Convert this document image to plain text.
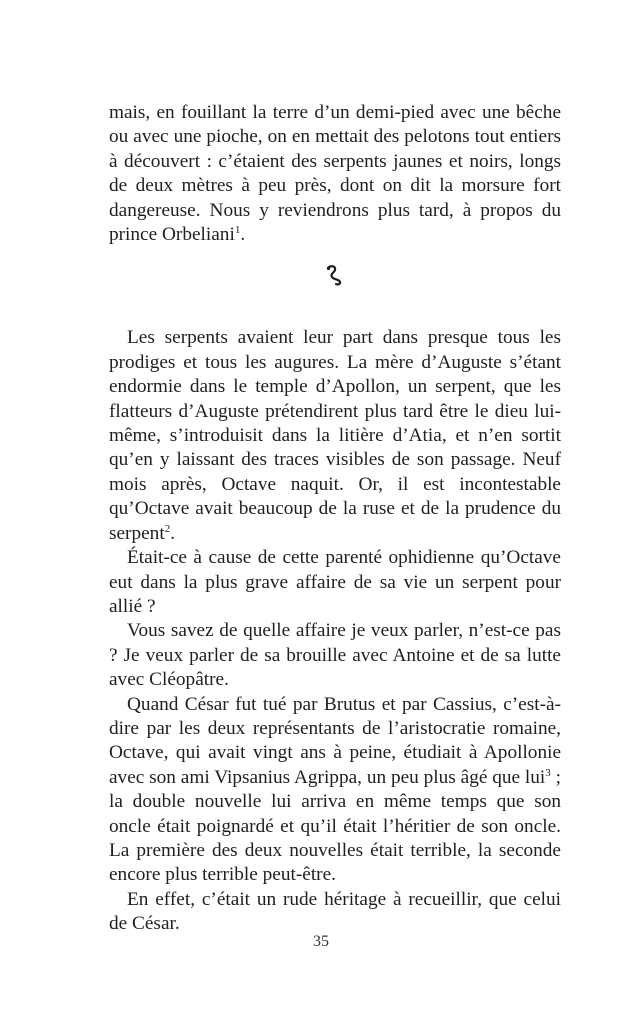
mais, en fouillant la terre d’un demi-pied avec une bêche ou avec une pioche, on en mettait des pelotons tout entiers à découvert : c’étaient des serpents jaunes et noirs, longs de deux mètres à peu près, dont on dit la morsure fort dangereuse. Nous y reviendrons plus tard, à propos du prince Orbeliani$^1$.

Les serpents avaient leur part dans presque tous les prodiges et tous les augures. La mère d’Auguste s’étant endormie dans le temple d’Apollon, un serpent, que les flatteurs d’Auguste prétendirent plus tard être le dieu lui-même, s’introduisit dans la litière d’Atia, et n’en sortit qu’en y laissant des traces visibles de son passage. Neuf mois après, Octave naquit. Or, il est incontestable qu’Octave avait beaucoup de la ruse et de la prudence du serpent$^2$.

Était-ce à cause de cette parenté ophidienne qu’Octave eut dans la plus grave affaire de sa vie un serpent pour allié ?

Vous savez de quelle affaire je veux parler, n’est-ce pas ? Je veux parler de sa brouille avec Antoine et de sa lutte avec Cléopâtre.

Quand César fut tué par Brutus et par Cassius, c’est-à-dire par les deux représentants de l’aristocratie romaine, Octave, qui avait vingt ans à peine, étudiait à Apollonie avec son ami Vipsanius Agrippa, un peu plus âgé que lui$^3$ ; la double nouvelle lui arriva en même temps que son oncle était poignardé et qu’il était l’héritier de son oncle. La première des deux nouvelles était terrible, la seconde encore plus terrible peut-être.

En effet, c’était un rude héritage à recueillir, que celui de César.

35
